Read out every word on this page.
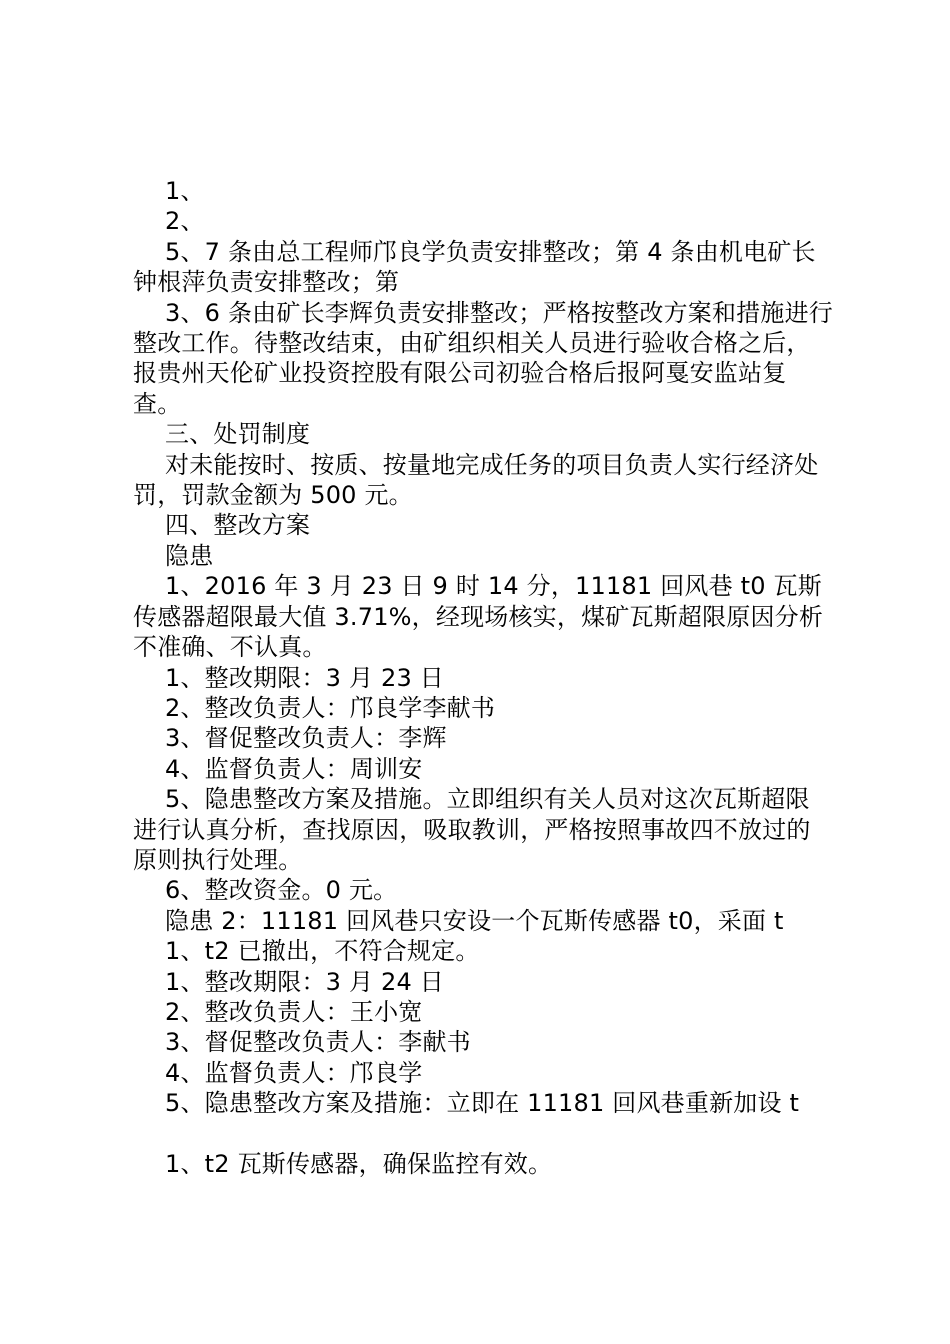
1、

2、

5、7 条由总工程师邝良学负责安排整改；第 4 条由机电矿长钟根萍负责安排整改；第

3、6 条由矿长李辉负责安排整改；严格按整改方案和措施进行整改工作。待整改结束，由矿组织相关人员进行验收合格之后，报贵州天伦矿业投资控股有限公司初验合格后报阿戛安监站复查。

三、处罚制度

对未能按时、按质、按量地完成任务的项目负责人实行经济处罚，罚款金额为 500 元。

四、整改方案

隐患

1、2016 年 3 月 23 日 9 时 14 分，11181 回风巷 t0 瓦斯传感器超限最大值 3.71%，经现场核实，煤矿瓦斯超限原因分析不准确、不认真。

1、整改期限：3 月 23 日

2、整改负责人：邝良学李献书

3、督促整改负责人：李辉

4、监督负责人：周训安

5、隐患整改方案及措施。立即组织有关人员对这次瓦斯超限进行认真分析，查找原因，吸取教训，严格按照事故四不放过的原则执行处理。

6、整改资金。0 元。

隐患 2：11181 回风巷只安设一个瓦斯传感器 t0，采面 t

1、t2 已撤出，不符合规定。

1、整改期限：3 月 24 日

2、整改负责人：王小宽

3、督促整改负责人：李献书

4、监督负责人：邝良学

5、隐患整改方案及措施：立即在 11181 回风巷重新加设 t

1、t2 瓦斯传感器，确保监控有效。
